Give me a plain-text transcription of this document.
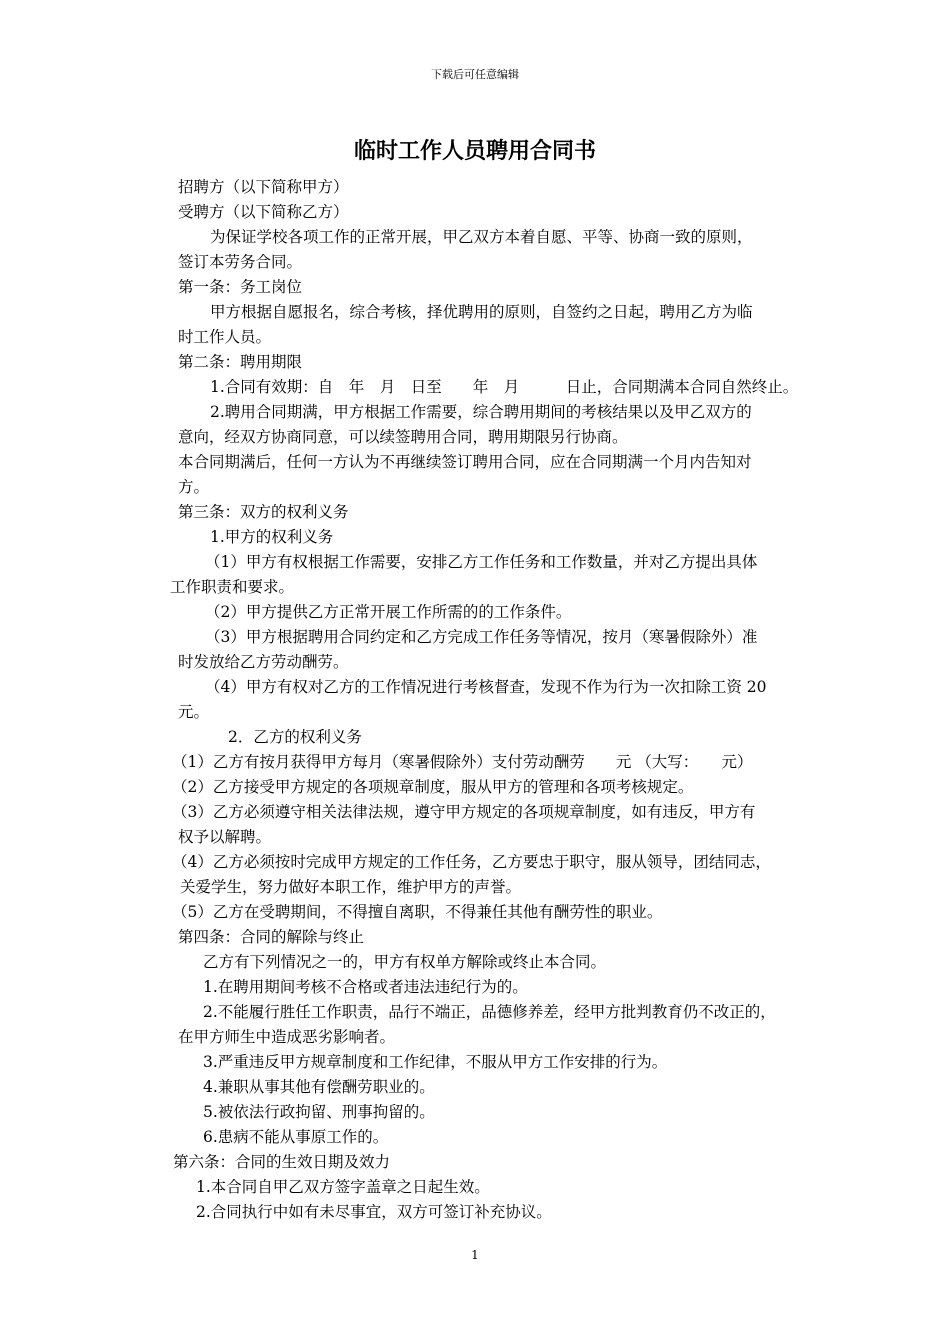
下载后可任意编辑
临时工作人员聘用合同书
招聘方（以下简称甲方）
受聘方（以下简称乙方）
为保证学校各项工作的正常开展，甲乙双方本着自愿、平等、协商一致的原则，
签订本劳务合同。
第一条：务工岗位
甲方根据自愿报名，综合考核，择优聘用的原则，自签约之日起，聘用乙方为临
时工作人员。
第二条：聘用期限
1.合同有效期：自　年　月　日至　　年　月　　　日止，合同期满本合同自然终止。
2.聘用合同期满，甲方根据工作需要，综合聘用期间的考核结果以及甲乙双方的
意向，经双方协商同意，可以续签聘用合同，聘用期限另行协商。
本合同期满后，任何一方认为不再继续签订聘用合同，应在合同期满一个月内告知对
方。
第三条：双方的权利义务
1.甲方的权利义务
（1）甲方有权根据工作需要，安排乙方工作任务和工作数量，并对乙方提出具体
工作职责和要求。
（2）甲方提供乙方正常开展工作所需的的工作条件。
（3）甲方根据聘用合同约定和乙方完成工作任务等情况，按月（寒暑假除外）准
时发放给乙方劳动酬劳。
（4）甲方有权对乙方的工作情况进行考核督查，发现不作为行为一次扣除工资 20
元。
2．乙方的权利义务
（1）乙方有按月获得甲方每月（寒暑假除外）支付劳动酬劳　　元 （大写：　　元）
（2）乙方接受甲方规定的各项规章制度，服从甲方的管理和各项考核规定。
（3）乙方必须遵守相关法律法规，遵守甲方规定的各项规章制度，如有违反，甲方有
权予以解聘。
（4）乙方必须按时完成甲方规定的工作任务，乙方要忠于职守，服从领导，团结同志，
关爱学生，努力做好本职工作，维护甲方的声誉。
（5）乙方在受聘期间，不得擅自离职，不得兼任其他有酬劳性的职业。
第四条：合同的解除与终止
乙方有下列情况之一的，甲方有权单方解除或终止本合同。
1.在聘用期间考核不合格或者违法违纪行为的。
2.不能履行胜任工作职责，品行不端正，品德修养差，经甲方批判教育仍不改正的，
在甲方师生中造成恶劣影响者。
3.严重违反甲方规章制度和工作纪律，不服从甲方工作安排的行为。
4.兼职从事其他有偿酬劳职业的。
5.被依法行政拘留、刑事拘留的。
6.患病不能从事原工作的。
第六条：合同的生效日期及效力
1.本合同自甲乙双方签字盖章之日起生效。
2.合同执行中如有未尽事宜，双方可签订补充协议。
1
